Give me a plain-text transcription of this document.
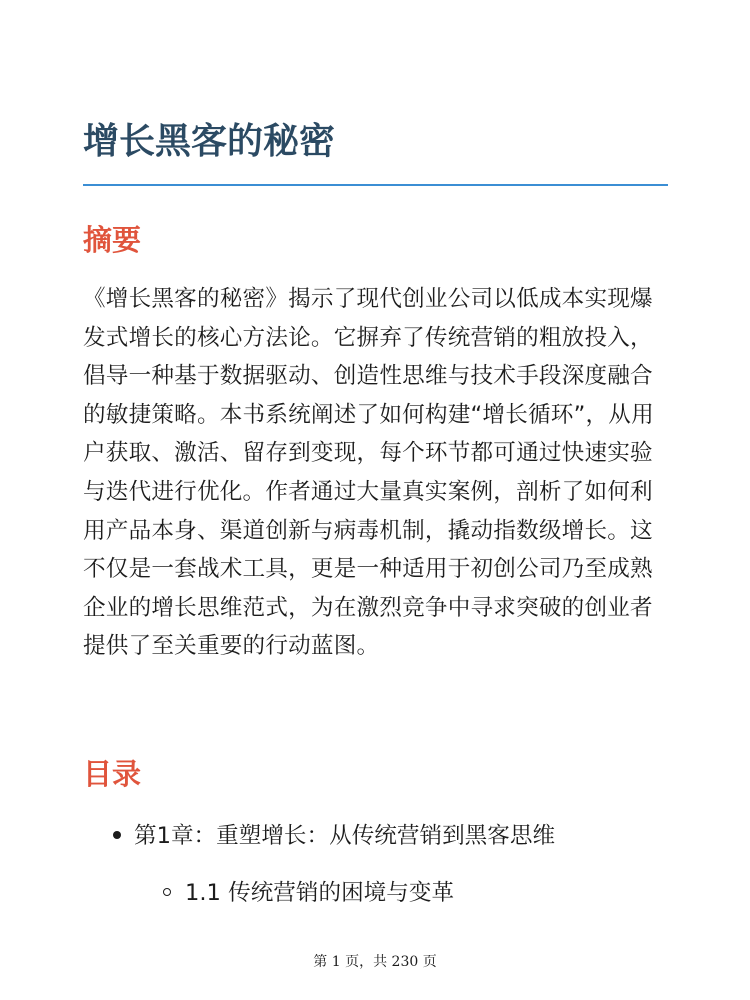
增长黑客的秘密
摘要

《增长黑客的秘密》揭示了现代创业公司以低成本实现爆发式增长的核心方法论。它摒弃了传统营销的粗放投入，倡导一种基于数据驱动、创造性思维与技术手段深度融合的敏捷策略。本书系统阐述了如何构建“增长循环”，从用户获取、激活、留存到变现，每个环节都可通过快速实验与迭代进行优化。作者通过大量真实案例，剖析了如何利用产品本身、渠道创新与病毒机制，撬动指数级增长。这不仅是一套战术工具，更是一种适用于初创公司乃至成熟企业的增长思维范式，为在激烈竞争中寻求突破的创业者提供了至关重要的行动蓝图。

目录
第1章：重塑增长：从传统营销到黑客思维
1.1 传统营销的困境与变革
第 1 页，共 230 页
